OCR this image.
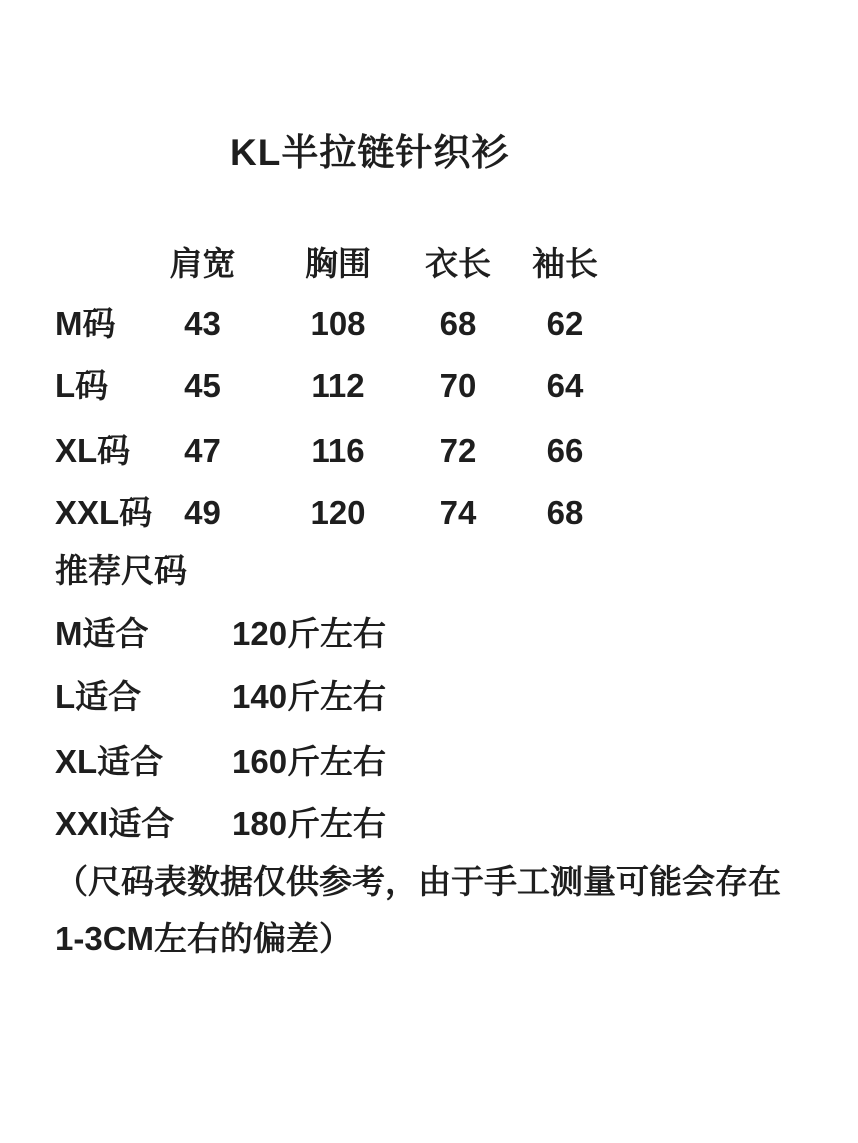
KL半拉链针织衫
肩宽	胸围	衣长	袖长
M码	43	108	68	62
L码	45	112	70	64
XL码	47	116	72	66
XXL码 49	120	74	68
推荐尺码
M适合	120斤左右
L适合	140斤左右
XL适合	160斤左右
XXI适合	180斤左右
（尺码表数据仅供参考，由于手工测量可能会存在
1-3CM左右的偏差）
